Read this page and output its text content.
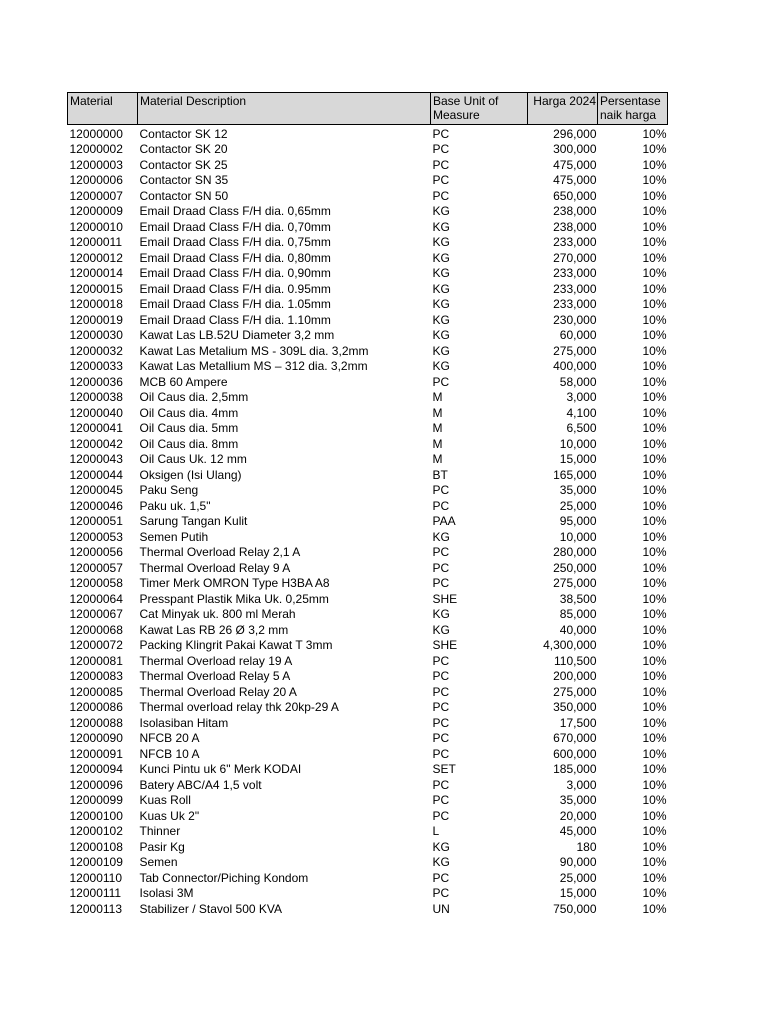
Material	Material Description	Base Unit of Measure	Harga 2024	Persentase naik harga
12000000	Contactor SK 12	PC	296,000	10%
12000002	Contactor SK 20	PC	300,000	10%
12000003	Contactor SK 25	PC	475,000	10%
12000006	Contactor SN 35	PC	475,000	10%
12000007	Contactor SN 50	PC	650,000	10%
12000009	Email Draad Class F/H dia. 0,65mm	KG	238,000	10%
12000010	Email Draad Class F/H dia. 0,70mm	KG	238,000	10%
12000011	Email Draad Class F/H dia. 0,75mm	KG	233,000	10%
12000012	Email Draad Class F/H dia. 0,80mm	KG	270,000	10%
12000014	Email Draad Class F/H dia. 0,90mm	KG	233,000	10%
12000015	Email Draad Class F/H dia. 0.95mm	KG	233,000	10%
12000018	Email Draad Class F/H dia. 1.05mm	KG	233,000	10%
12000019	Email Draad Class F/H dia. 1.10mm	KG	230,000	10%
12000030	Kawat Las LB.52U Diameter 3,2 mm	KG	60,000	10%
12000032	Kawat Las Metalium MS - 309L dia. 3,2mm	KG	275,000	10%
12000033	Kawat Las Metallium MS – 312 dia. 3,2mm	KG	400,000	10%
12000036	MCB 60 Ampere	PC	58,000	10%
12000038	Oil Caus dia. 2,5mm	M	3,000	10%
12000040	Oil Caus dia. 4mm	M	4,100	10%
12000041	Oil Caus dia. 5mm	M	6,500	10%
12000042	Oil Caus dia. 8mm	M	10,000	10%
12000043	Oil Caus Uk. 12 mm	M	15,000	10%
12000044	Oksigen (Isi Ulang)	BT	165,000	10%
12000045	Paku Seng	PC	35,000	10%
12000046	Paku uk. 1,5"	PC	25,000	10%
12000051	Sarung Tangan Kulit	PAA	95,000	10%
12000053	Semen Putih	KG	10,000	10%
12000056	Thermal Overload Relay 2,1 A	PC	280,000	10%
12000057	Thermal Overload Relay 9 A	PC	250,000	10%
12000058	Timer Merk OMRON Type H3BA A8	PC	275,000	10%
12000064	Presspant Plastik Mika Uk. 0,25mm	SHE	38,500	10%
12000067	Cat Minyak uk. 800 ml Merah	KG	85,000	10%
12000068	Kawat Las RB 26 Ø 3,2 mm	KG	40,000	10%
12000072	Packing Klingrit Pakai Kawat T 3mm	SHE	4,300,000	10%
12000081	Thermal Overload relay 19 A	PC	110,500	10%
12000083	Thermal Overload Relay 5 A	PC	200,000	10%
12000085	Thermal Overload Relay 20 A	PC	275,000	10%
12000086	Thermal overload relay thk 20kp-29 A	PC	350,000	10%
12000088	Isolasiban Hitam	PC	17,500	10%
12000090	NFCB 20 A	PC	670,000	10%
12000091	NFCB 10 A	PC	600,000	10%
12000094	Kunci Pintu uk 6" Merk KODAI	SET	185,000	10%
12000096	Batery ABC/A4 1,5 volt	PC	3,000	10%
12000099	Kuas Roll	PC	35,000	10%
12000100	Kuas Uk 2"	PC	20,000	10%
12000102	Thinner	L	45,000	10%
12000108	Pasir Kg	KG	180	10%
12000109	Semen	KG	90,000	10%
12000110	Tab Connector/Piching Kondom	PC	25,000	10%
12000111	Isolasi 3M	PC	15,000	10%
12000113	Stabilizer / Stavol 500 KVA	UN	750,000	10%
